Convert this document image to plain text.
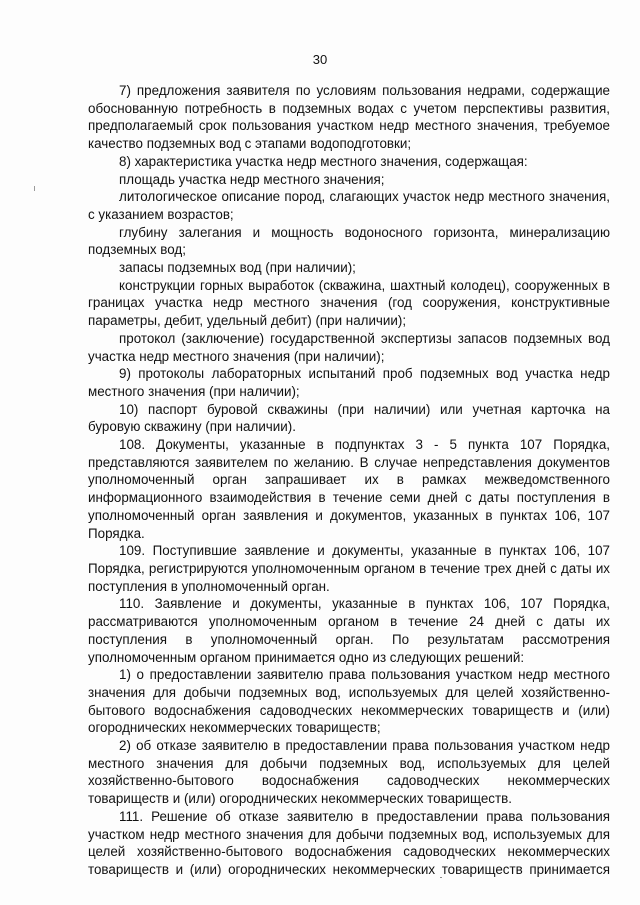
30

7) предложения заявителя по условиям пользования недрами, содержащие обоснованную потребность в подземных водах с учетом перспективы развития, предполагаемый срок пользования участком недр местного значения, требуемое качество подземных вод с этапами водоподготовки;

8) характеристика участка недр местного значения, содержащая:

площадь участка недр местного значения;

литологическое описание пород, слагающих участок недр местного значения, с указанием возрастов;

глубину залегания и мощность водоносного горизонта, минерализацию подземных вод;

запасы подземных вод (при наличии);

конструкции горных выработок (скважина, шахтный колодец), сооруженных в границах участка недр местного значения (год сооружения, конструктивные параметры, дебит, удельный дебит) (при наличии);

протокол (заключение) государственной экспертизы запасов подземных вод участка недр местного значения (при наличии);

9) протоколы лабораторных испытаний проб подземных вод участка недр местного значения (при наличии);

10) паспорт буровой скважины (при наличии) или учетная карточка на буровую скважину (при наличии).

108. Документы, указанные в подпунктах 3 - 5 пункта 107 Порядка, представляются заявителем по желанию. В случае непредставления документов уполномоченный орган запрашивает их в рамках межведомственного информационного взаимодействия в течение семи дней с даты поступления в уполномоченный орган заявления и документов, указанных в пунктах 106, 107 Порядка.

109. Поступившие заявление и документы, указанные в пунктах 106, 107 Порядка, регистрируются уполномоченным органом в течение трех дней с даты их поступления в уполномоченный орган.

110. Заявление и документы, указанные в пунктах 106, 107 Порядка, рассматриваются уполномоченным органом в течение 24 дней с даты их поступления в уполномоченный орган. По результатам рассмотрения уполномоченным органом принимается одно из следующих решений:

1) о предоставлении заявителю права пользования участком недр местного значения для добычи подземных вод, используемых для целей хозяйственно-бытового водоснабжения садоводческих некоммерческих товариществ и (или) огороднических некоммерческих товариществ;

2) об отказе заявителю в предоставлении права пользования участком недр местного значения для добычи подземных вод, используемых для целей хозяйственно-бытового водоснабжения садоводческих некоммерческих товариществ и (или) огороднических некоммерческих товариществ.

111. Решение об отказе заявителю в предоставлении права пользования участком недр местного значения для добычи подземных вод, используемых для целей хозяйственно-бытового водоснабжения садоводческих некоммерческих товариществ и (или) огороднических некоммерческих товариществ принимается
